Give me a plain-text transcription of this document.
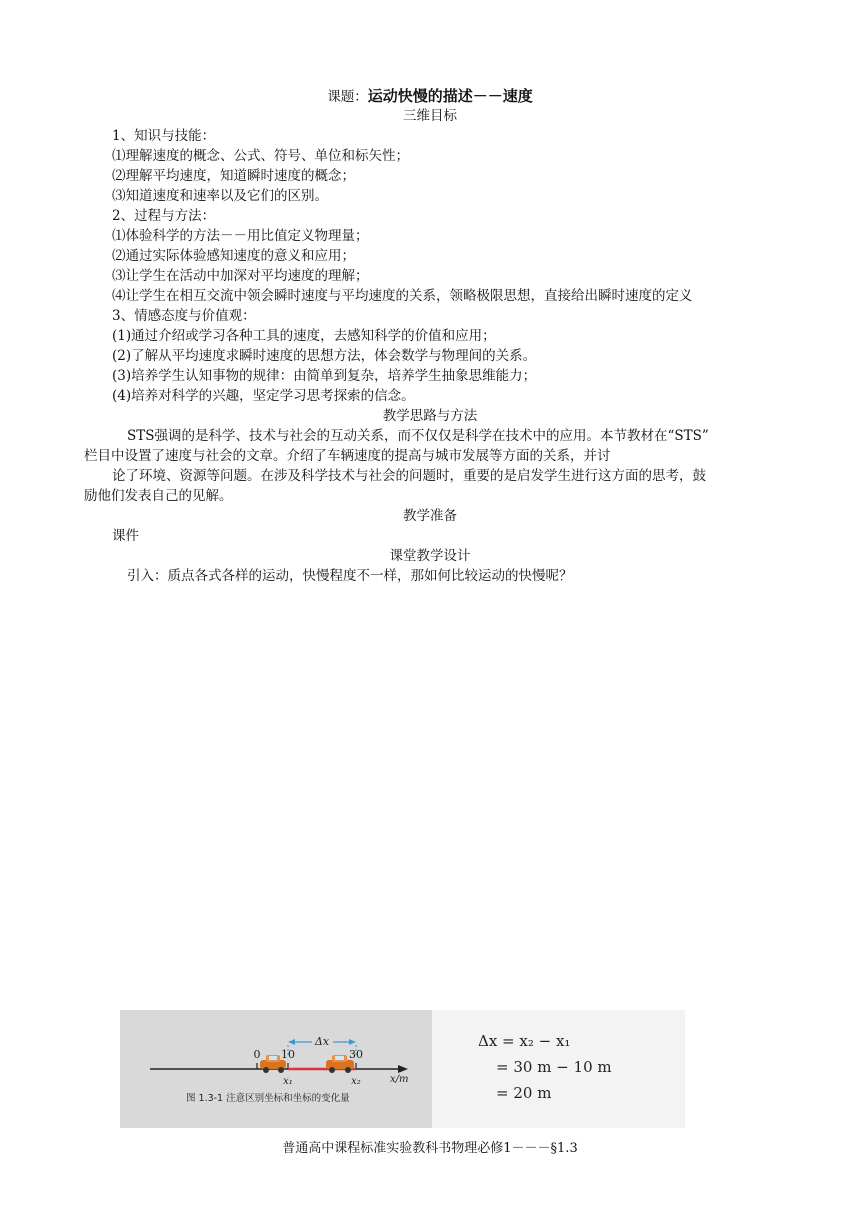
课题：运动快慢的描述－－速度
三维目标
1、知识与技能：
⑴理解速度的概念、公式、符号、单位和标矢性；
⑵理解平均速度，知道瞬时速度的概念；
⑶知道速度和速率以及它们的区别。
2、过程与方法：
⑴体验科学的方法－－用比值定义物理量；
⑵通过实际体验感知速度的意义和应用；
⑶让学生在活动中加深对平均速度的理解；
⑷让学生在相互交流中领会瞬时速度与平均速度的关系，领略极限思想，直接给出瞬时速度的定义
3、情感态度与价值观：
(1)通过介绍或学习各种工具的速度，去感知科学的价值和应用；
(2)了解从平均速度求瞬时速度的思想方法，体会数学与物理间的关系。
(3)培养学生认知事物的规律：由简单到复杂，培养学生抽象思维能力；
(4)培养对科学的兴趣，坚定学习思考探索的信念。
教学思路与方法
STS强调的是科学、技术与社会的互动关系，而不仅仅是科学在技术中的应用。本节教材在“STS”
栏目中设置了速度与社会的文章。介绍了车辆速度的提高与城市发展等方面的关系，并讨
论了环境、资源等问题。在涉及科学技术与社会的问题时，重要的是启发学生进行这方面的思考，鼓
励他们发表自己的见解。
教学准备
课件
课堂教学设计
引入：质点各式各样的运动，快慢程度不一样，那如何比较运动的快慢呢？
0 10	30
Δx
x₁	x₂	x/m
图 1.3-1 注意区别坐标和坐标的变化量
Δx = x₂ − x₁
= 30 m − 10 m
= 20 m
普通高中课程标准实验教科书物理必修1－－－§1.3
